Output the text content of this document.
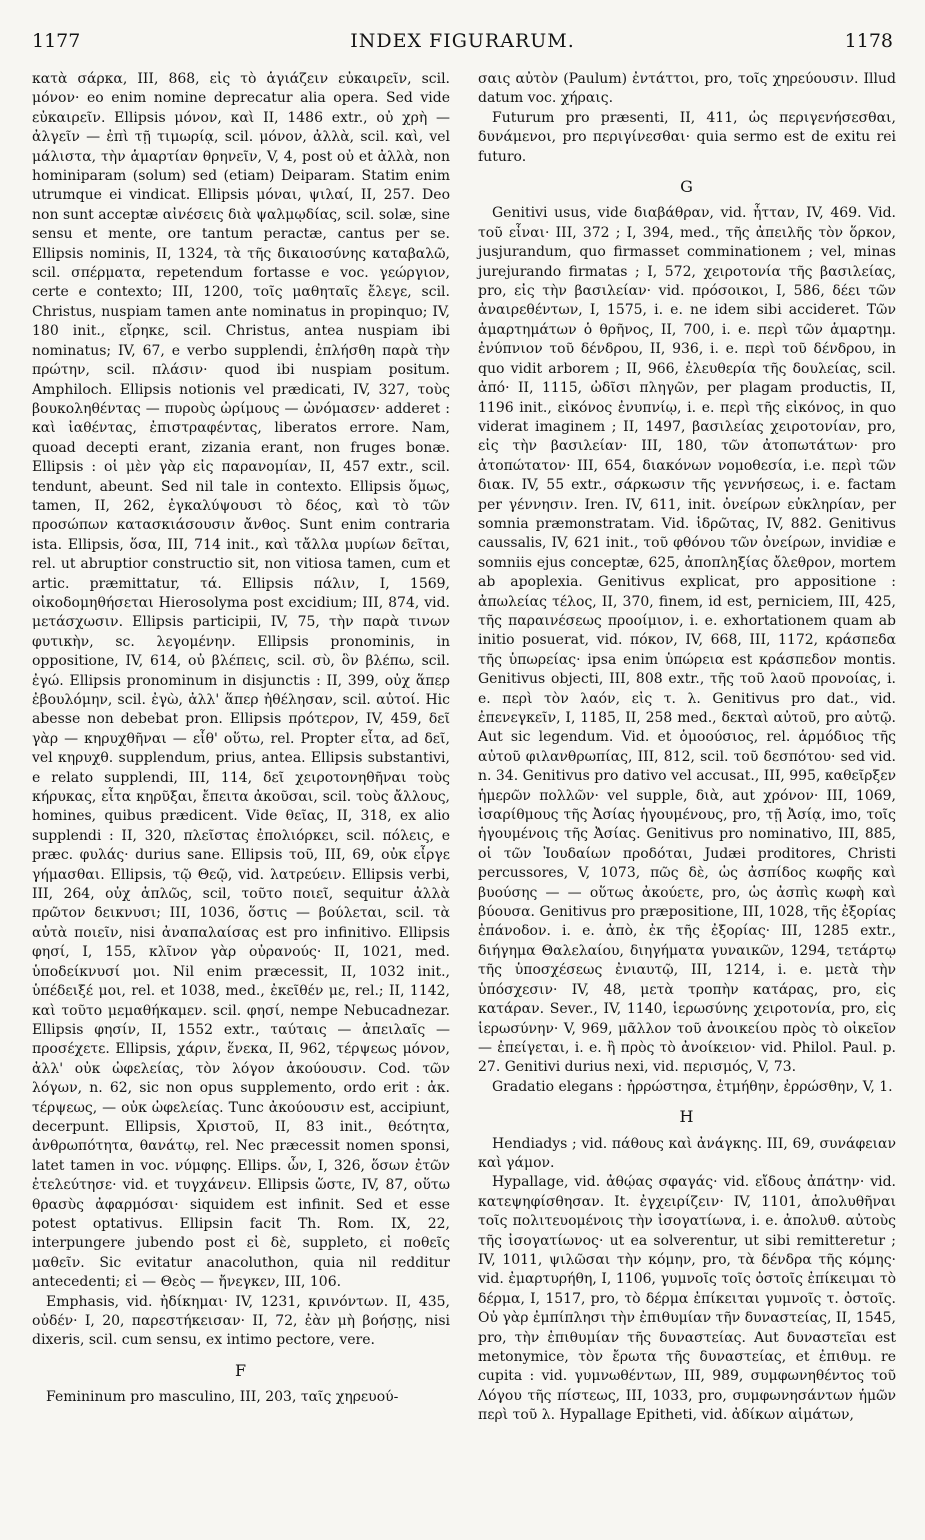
1177	INDEX FIGURARUM.	1178

κατὰ σάρκα, III, 868, εἰς τὸ ἁγιάζειν εὐκαιρεῖν, scil. μόνον· eo enim nomine deprecatur alia opera. Sed vide εὐκαιρεῖν. Ellipsis μόνον, καὶ II, 1486 extr., οὐ χρὴ — ἀλγεῖν — ἐπὶ τῇ τιμωρίᾳ, scil. μόνον, ἀλλὰ, scil. καὶ, vel μάλιστα, τὴν ἁμαρτίαν θρηνεῖν, V, 4, post οὐ et ἀλλὰ, non hominiparam (solum) sed (etiam) Deiparam. Statim enim utrumque ei vindicat. Ellipsis μόναι, ψιλαί, II, 257. Deo non sunt acceptæ αἰνέσεις διὰ ψαλμῳδίας, scil. solæ, sine sensu et mente, ore tantum peractæ, cantus per se. Ellipsis nominis, II, 1324, τὰ τῆς δικαιοσύνης καταβαλῶ, scil. σπέρματα, repetendum fortasse e voc. γεώργιον, certe e contexto; III, 1200, τοῖς μαθηταῖς ἔλεγε, scil. Christus, nuspiam tamen ante nominatus in propinquo; IV, 180 init., εἴρηκε, scil. Christus, antea nuspiam ibi nominatus; IV, 67, e verbo supplendi, ἐπλήσθη παρὰ τὴν πρώτην, scil. πλάσιν· quod ibi nuspiam positum. Amphiloch. Ellipsis notionis vel prædicati, IV, 327, τοὺς βουκοληθέντας — πυροὺς ὠρίμους — ὠνόμασεν· adderet : καὶ ἰαθέντας, ἐπιστραφέντας, liberatos errore. Nam, quoad decepti erant, zizania erant, non fruges bonæ. Ellipsis : οἱ μὲν γὰρ εἰς παρανομίαν, II, 457 extr., scil. tendunt, abeunt. Sed nil tale in contexto. Ellipsis ὅμως, tamen, II, 262, ἐγκαλύψουσι τὸ δέος, καὶ τὸ τῶν προσώπων κατασκιάσουσιν ἄνθος. Sunt enim contraria ista. Ellipsis, ὅσα, III, 714 init., καὶ τἄλλα μυρίων δεῖται, rel. ut abruptior constructio sit, non vitiosa tamen, cum et artic. præmittatur, τά. Ellipsis πάλιν, I, 1569, οἰκοδομηθήσεται Hierosolyma post excidium; III, 874, vid. μετάσχωσιν. Ellipsis participii, IV, 75, τὴν παρὰ τινων φυτικὴν, sc. λεγομένην. Ellipsis pronominis, in oppositione, IV, 614, οὐ βλέπεις, scil. σὺ, ὃν βλέπω, scil. ἐγώ. Ellipsis pronominum in disjunctis : II, 399, οὐχ ἅπερ ἐβουλόμην, scil. ἐγὼ, ἀλλ' ἅπερ ἠθέλησαν, scil. αὐτοί. Hic abesse non debebat pron. Ellipsis πρότερον, IV, 459, δεῖ γὰρ — κηρυχθῆναι — εἶθ' οὕτω, rel. Propter εἶτα, ad δεῖ, vel κηρυχθ. supplendum, prius, antea. Ellipsis substantivi, e relato supplendi, III, 114, δεῖ χειροτονηθῆναι τοὺς κήρυκας, εἶτα κηρῦξαι, ἔπειτα ἀκοῦσαι, scil. τοὺς ἄλλους, homines, quibus prædicent. Vide θεῖας, II, 318, ex alio supplendi : II, 320, πλεῖστας ἐπολιόρκει, scil. πόλεις, e præc. φυλάς· durius sane. Ellipsis τοῦ, III, 69, οὐκ εἶργε γήμασθαι. Ellipsis, τῷ Θεῷ, vid. λατρεύειν. Ellipsis verbi, III, 264, οὐχ ἁπλῶς, scil, τοῦτο ποιεῖ, sequitur ἀλλὰ πρῶτον δεικνυσι; III, 1036, ὅστις — βούλεται, scil. τὰ αὐτὰ ποιεῖν, nisi ἀναπαλαίσας est pro infinitivo. Ellipsis φησί, I, 155, κλῖνον γὰρ οὐρανούς· II, 1021, med. ὑποδείκνυσί μοι. Nil enim præcessit, II, 1032 init., ὑπέδειξέ μοι, rel. et 1038, med., ἐκεῖθέν με, rel.; II, 1142, καὶ τοῦτο μεμαθήκαμεν. scil. φησί, nempe Nebucadnezar. Ellipsis φησίν, II, 1552 extr., ταύταις — ἀπειλαῖς — προσέχετε. Ellipsis, χάριν, ἕνεκα, II, 962, τέρψεως μόνον, ἀλλ' οὐκ ὠφελείας, τὸν λόγον ἀκούουσιν. Cod. τῶν λόγων, n. 62, sic non opus supplemento, ordo erit : ἀκ. τέρψεως, — οὐκ ὠφελείας. Tunc ἀκούουσιν est, accipiunt, decerpunt. Ellipsis, Χριστοῦ, II, 83 init., θεότητα, ἀνθρωπότητα, θανάτῳ, rel. Nec præcessit nomen sponsi, latet tamen in voc. νύμφης. Ellips. ὧν, I, 326, ὅσων ἐτῶν ἐτελεύτησε· vid. et τυγχάνειν. Ellipsis ὥστε, IV, 87, οὕτω θρασὺς ἀφαρμόσαι· siquidem est infinit. Sed et esse potest optativus. Ellipsin facit Th. Rom. IX, 22, interpungere jubendo post εἰ δὲ, suppleto, εἰ ποθεῖς μαθεῖν. Sic evitatur anacoluthon, quia nil redditur antecedenti; εἰ — Θεὸς — ἤνεγκεν, III, 106.

Emphasis, vid. ἠδίκημαι· IV, 1231, κρινόντων. II, 435, οὐδέν· I, 20, παρεστήκεισαν· II, 72, ἐὰν μὴ βοήσῃς, nisi dixeris, scil. cum sensu, ex intimo pectore, vere.

F

Femininum pro masculino, III, 203, ταῖς χηρευού-

σαις αὐτὸν (Paulum) ἐντάττοι, pro, τοῖς χηρεύουσιν. Illud datum voc. χήραις.

Futurum pro præsenti, II, 411, ὡς περιγενήσεσθαι, δυνάμενοι, pro περιγίνεσθαι· quia sermo est de exitu rei futuro.

G

Genitivi usus, vide διαβάθραν, vid. ἧτταν, IV, 469. Vid. τοῦ εἶναι· III, 372 ; I, 394, med., τῆς ἀπειλῆς τὸν ὅρκον, jusjurandum, quo firmasset comminationem ; vel, minas jurejurando firmatas ; I, 572, χειροτονία τῆς βασιλείας, pro, εἰς τὴν βασιλείαν· vid. πρόσοικοι, I, 586, δέει τῶν ἀναιρεθέντων, I, 1575, i. e. ne idem sibi accideret. Τῶν ἁμαρτημάτων ὁ θρῆνος, II, 700, i. e. περὶ τῶν ἁμαρτημ. ἐνύπνιον τοῦ δένδρου, II, 936, i. e. περὶ τοῦ δένδρου, in quo vidit arborem ; II, 966, ἐλευθερία τῆς δουλείας, scil. ἀπό· II, 1115, ὠδῖσι πληγῶν, per plagam productis, II, 1196 init., εἰκόνος ἐνυπνίῳ, i. e. περὶ τῆς εἰκόνος, in quo viderat imaginem ; II, 1497, βασιλείας χειροτονίαν, pro, εἰς τὴν βασιλείαν· III, 180, τῶν ἀτοπωτάτων· pro ἀτοπώτατον· III, 654, διακόνων νομοθεσία, i.e. περὶ τῶν διακ. IV, 55 extr., σάρκωσιν τῆς γεννήσεως, i. e. factam per γέννησιν. Iren. IV, 611, init. ὀνείρων εὐκληρίαν, per somnia præmonstratam. Vid. ἱδρῶτας, IV, 882. Genitivus caussalis, IV, 621 init., τοῦ φθόνου τῶν ὀνείρων, invidiæ e somniis ejus conceptæ, 625, ἀποπληξίας ὄλεθρον, mortem ab apoplexia. Genitivus explicat, pro appositione : ἀπωλείας τέλος, II, 370, finem, id est, perniciem, III, 425, τῆς παραινέσεως προοίμιον, i. e. exhortationem quam ab initio posuerat, vid. πόκον, IV, 668, III, 1172, κράσπεδα τῆς ὑπωρείας· ipsa enim ὑπώρεια est κράσπεδον montis. Genitivus objecti, III, 808 extr., τῆς τοῦ λαοῦ προνοίας, i. e. περὶ τὸν λαόν, εἰς τ. λ. Genitivus pro dat., vid. ἐπενεγκεῖν, I, 1185, II, 258 med., δεκταὶ αὐτοῦ, pro αὐτῷ. Aut sic legendum. Vid. et ὁμοούσιος, rel. ἁρμόδιος τῆς αὐτοῦ φιλανθρωπίας, III, 812, scil. τοῦ δεσπότου· sed vid. n. 34. Genitivus pro dativo vel accusat., III, 995, καθεῖρξεν ἡμερῶν πολλῶν· vel supple, διὰ, aut χρόνον· III, 1069, ἰσαρίθμους τῆς Ἀσίας ἡγουμένους, pro, τῇ Ἀσίᾳ, imo, τοῖς ἡγουμένοις τῆς Ἀσίας. Genitivus pro nominativo, III, 885, οἱ τῶν Ἰουδαίων προδόται, Judæi proditores, Christi percussores, V, 1073, πῶς δὲ, ὡς ἀσπίδος κωφῆς καὶ βυούσης — — οὕτως ἀκούετε, pro, ὡς ἀσπὶς κωφὴ καὶ βύουσα. Genitivus pro præpositione, III, 1028, τῆς ἐξορίας ἐπάνοδον. i. e. ἀπὸ, ἐκ τῆς ἐξορίας· III, 1285 extr., διήγημα Θαλελαίου, διηγήματα γυναικῶν, 1294, τετάρτῳ τῆς ὑποσχέσεως ἐνιαυτῷ, III, 1214, i. e. μετὰ τὴν ὑπόσχεσιν· IV, 48, μετὰ τροπὴν κατάρας, pro, εἰς κατάραν. Sever., IV, 1140, ἱερωσύνης χειροτονία, pro, εἰς ἱερωσύνην· V, 969, μᾶλλον τοῦ ἀνοικείου πρὸς τὸ οἰκεῖον — ἐπείγεται, i. e. ἢ πρὸς τὸ ἀνοίκειον· vid. Philol. Paul. p. 27. Genitivi durius nexi, vid. περισμός, V, 73.

Gradatio elegans : ἠρρώστησα, ἐτμήθην, ἐρρώσθην, V, 1.

H

Hendiadys ; vid. πάθους καὶ ἀνάγκης. III, 69, συνάφειαν καὶ γάμον.

Hypallage, vid. ἀθῴας σφαγάς· vid. εἴδους ἀπάτην· vid. κατεψηφίσθησαν. It. ἐγχειρίζειν· IV, 1101, ἀπολυθῆναι τοῖς πολιτευομένοις τὴν ἰσογατίωνα, i. e. ἀπολυθ. αὐτοὺς τῆς ἰσογατίωνος· ut ea solverentur, ut sibi remitteretur ; IV, 1011, ψιλῶσαι τὴν κόμην, pro, τὰ δένδρα τῆς κόμης· vid. ἐμαρτυρήθη, I, 1106, γυμνοῖς τοῖς ὀστοῖς ἐπίκειμαι τὸ δέρμα, I, 1517, pro, τὸ δέρμα ἐπίκειται γυμνοῖς τ. ὀστοῖς. Οὐ γὰρ ἐμπίπλησι τὴν ἐπιθυμίαν τῆν δυναστείας, II, 1545, pro, τὴν ἐπιθυμίαν τῆς δυναστείας. Aut δυναστεῖαι est metonymice, τὸν ἔρωτα τῆς δυναστείας, et ἐπιθυμ. re cupita : vid. γυμνωθέντων, III, 989, συμφωνηθέντος τοῦ Λόγου τῆς πίστεως, III, 1033, pro, συμφωνησάντων ἡμῶν περὶ τοῦ λ. Hypallage Epitheti, vid. ἀδίκων αἱμάτων,
